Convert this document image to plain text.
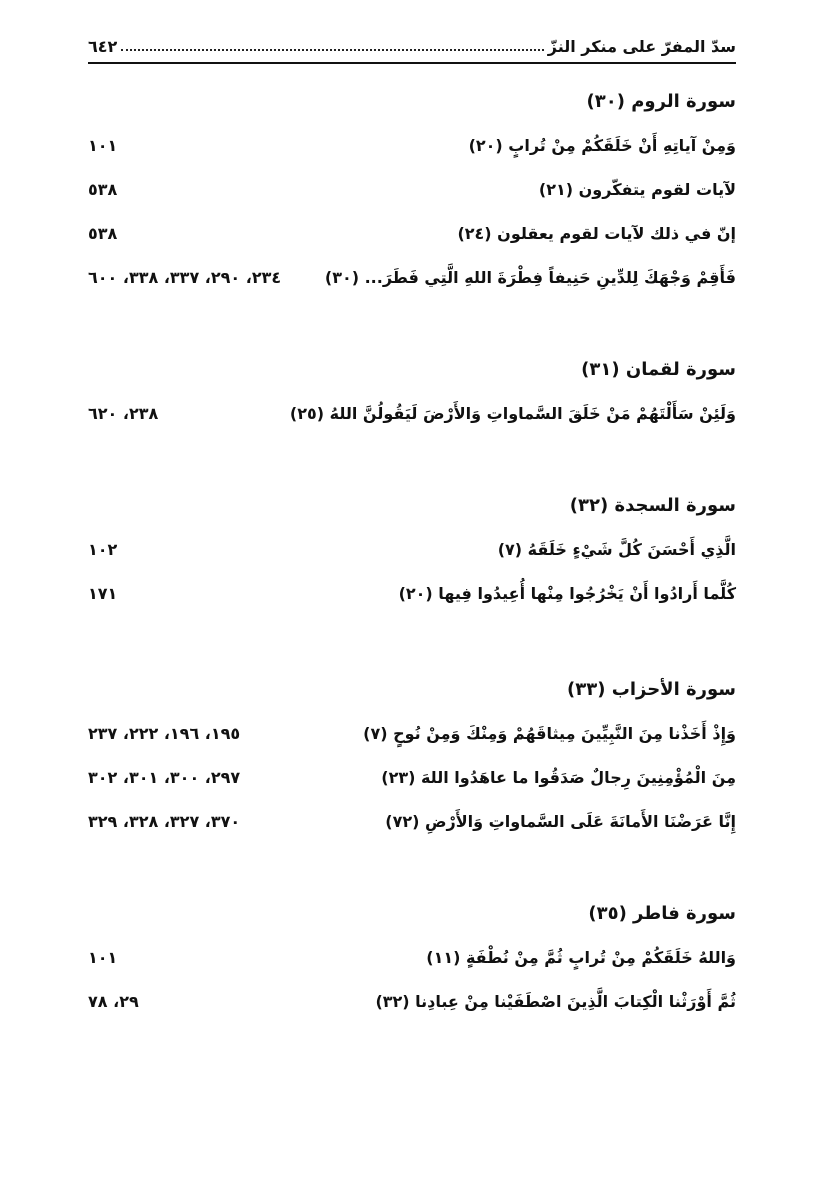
سدّ المفرّ على منكر النزّ
٦٤٢
سورة الروم (٣٠)
وَمِنْ آياتِهِ أَنْ خَلَقَكُمْ مِنْ تُرابٍ (٢٠)
١٠١
لآيات لقوم يتفكّرون (٢١)
٥٣٨
إنّ في ذلك لآيات لقوم يعقلون (٢٤)
٥٣٨
فَأَقِمْ وَجْهَكَ لِلدِّينِ حَنِيفاً فِطْرَةَ اللهِ الَّتِي فَطَرَ... (٣٠)
٢٣٤، ٢٩٠، ٣٣٧، ٣٣٨، ٦٠٠
سورة لقمان (٣١)
وَلَئِنْ سَأَلْتَهُمْ مَنْ خَلَقَ السَّماواتِ وَالأَرْضَ لَيَقُولُنَّ اللهُ (٢٥)
٢٣٨، ٦٢٠
سورة السجدة (٣٢)
الَّذِي أَحْسَنَ كُلَّ شَيْءٍ خَلَقَهُ (٧)
١٠٢
كُلَّما أَرادُوا أَنْ يَخْرُجُوا مِنْها أُعِيدُوا فِيها (٢٠)
١٧١
سورة الأحزاب (٣٣)
وَإِذْ أَخَذْنا مِنَ النَّبِيِّينَ مِيثاقَهُمْ وَمِنْكَ وَمِنْ نُوحٍ (٧)
١٩٥، ١٩٦، ٢٢٢، ٢٣٧
مِنَ الْمُؤْمِنِينَ رِجالٌ صَدَقُوا ما عاهَدُوا اللهَ (٢٣)
٢٩٧، ٣٠٠، ٣٠١، ٣٠٢
إِنَّا عَرَضْنَا الأَمانَةَ عَلَى السَّماواتِ وَالأَرْضِ (٧٢)
٣٧٠، ٣٢٧، ٣٢٨، ٣٢٩
سورة فاطر (٣٥)
وَاللهُ خَلَقَكُمْ مِنْ تُرابٍ ثُمَّ مِنْ نُطْفَةٍ (١١)
١٠١
ثُمَّ أَوْرَثْنا الْكِتابَ الَّذِينَ اصْطَفَيْنا مِنْ عِبادِنا (٣٢)
٢٩، ٧٨
